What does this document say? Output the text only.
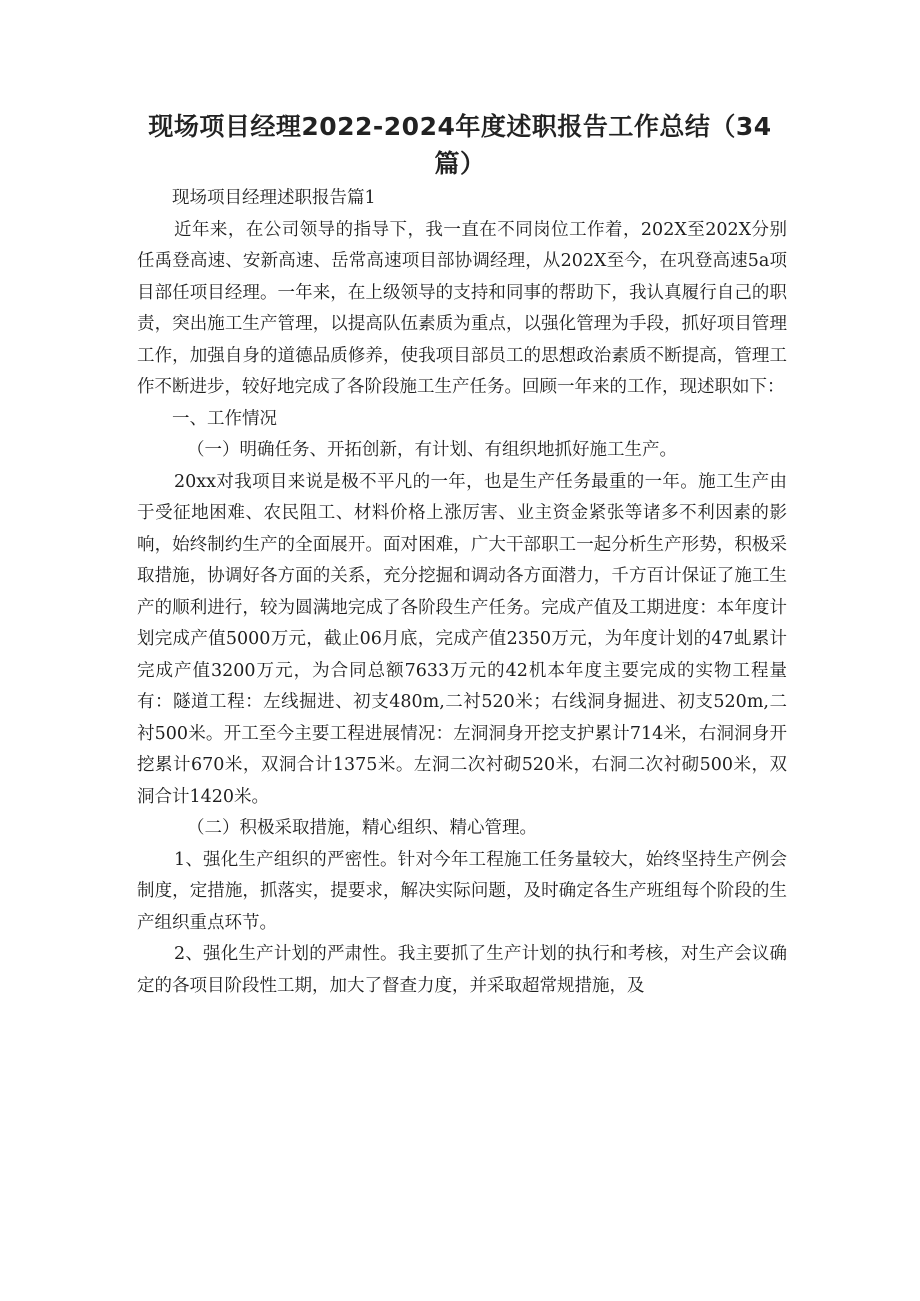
现场项目经理2022-2024年度述职报告工作总结（34篇）

现场项目经理述职报告篇1

近年来，在公司领导的指导下，我一直在不同岗位工作着，202X至202X分别任禹登高速、安新高速、岳常高速项目部协调经理，从202X至今，在巩登高速5a项目部任项目经理。一年来，在上级领导的支持和同事的帮助下，我认真履行自己的职责，突出施工生产管理，以提高队伍素质为重点，以强化管理为手段，抓好项目管理工作，加强自身的道德品质修养，使我项目部员工的思想政治素质不断提高，管理工作不断进步，较好地完成了各阶段施工生产任务。回顾一年来的工作，现述职如下：

一、工作情况

（一）明确任务、开拓创新，有计划、有组织地抓好施工生产。

20xx对我项目来说是极不平凡的一年，也是生产任务最重的一年。施工生产由于受征地困难、农民阻工、材料价格上涨厉害、业主资金紧张等诸多不利因素的影响，始终制约生产的全面展开。面对困难，广大干部职工一起分析生产形势，积极采取措施，协调好各方面的关系，充分挖掘和调动各方面潜力，千方百计保证了施工生产的顺利进行，较为圆满地完成了各阶段生产任务。完成产值及工期进度：本年度计划完成产值5000万元，截止06月底，完成产值2350万元，为年度计划的47虬累计完成产值3200万元，为合同总额7633万元的42机本年度主要完成的实物工程量有：隧道工程：左线掘进、初支480m,二衬520米；右线洞身掘进、初支520m,二衬500米。开工至今主要工程进展情况：左洞洞身开挖支护累计714米，右洞洞身开挖累计670米，双洞合计1375米。左洞二次衬砌520米，右洞二次衬砌500米，双洞合计1420米。

（二）积极采取措施，精心组织、精心管理。

1、强化生产组织的严密性。针对今年工程施工任务量较大，始终坚持生产例会制度，定措施，抓落实，提要求，解决实际问题，及时确定各生产班组每个阶段的生产组织重点环节。

2、强化生产计划的严肃性。我主要抓了生产计划的执行和考核，对生产会议确定的各项目阶段性工期，加大了督查力度，并采取超常规措施，及
